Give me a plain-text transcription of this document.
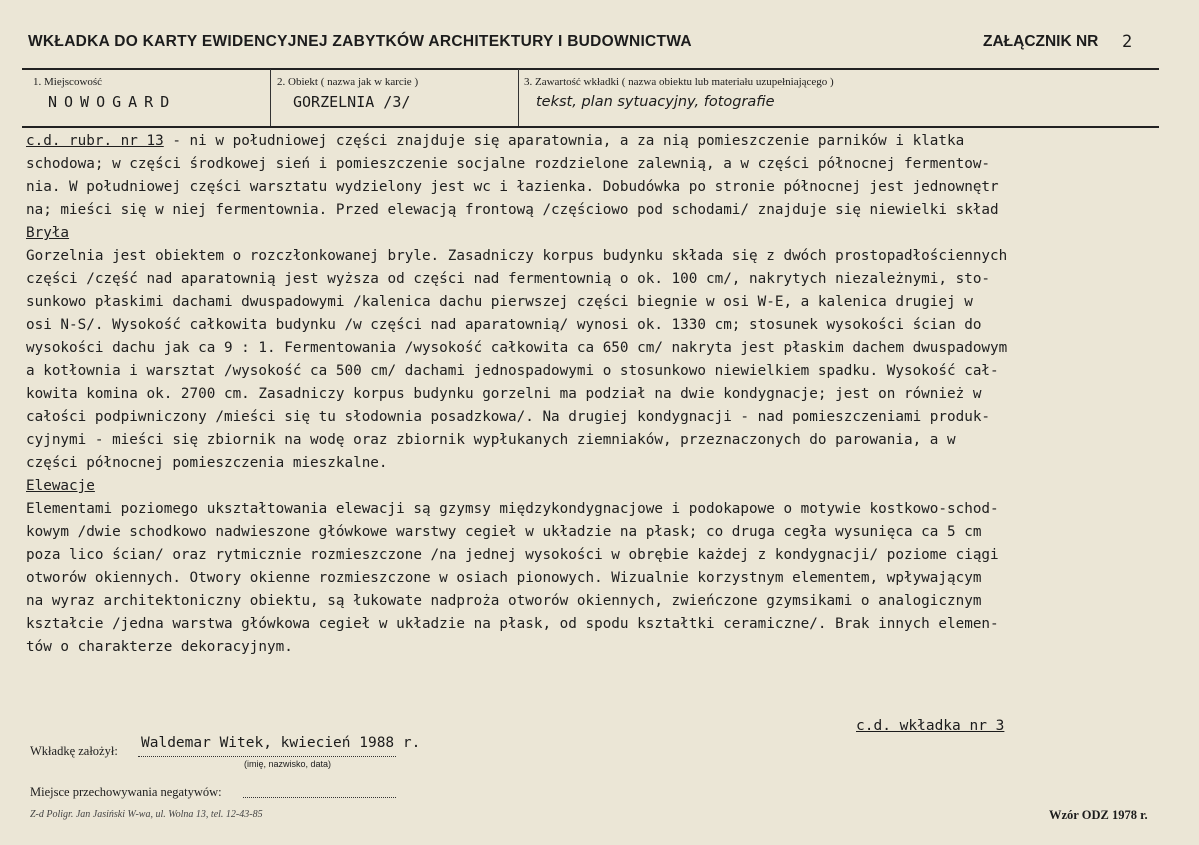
WKŁADKA DO KARTY EWIDENCYJNEJ ZABYTKÓW ARCHITEKTURY I BUDOWNICTWA	ZAŁĄCZNIK NR 2
1. Miejscowość
NOWOGARD
2. Obiekt ( nazwa jak w karcie )
GORZELNIA /3/
3. Zawartość wkładki ( nazwa obiektu lub materiału uzupełniającego )
tekst, plan sytuacyjny, fotografie
c.d. rubr. nr 13 - ni w południowej części znajduje się aparatownia, a za nią pomieszczenie parników i klatka
schodowa; w części środkowej sień i pomieszczenie socjalne rozdzielone zalewnią, a w części północnej fermentow-
nia. W południowej części warsztatu wydzielony jest wc i łazienka. Dobudówka po stronie północnej jest jednownętr
na; mieści się w niej fermentownia. Przed elewacją frontową /częściowo pod schodami/ znajduje się niewielki skład
Bryła
Gorzelnia jest obiektem o rozczłonkowanej bryle. Zasadniczy korpus budynku składa się z dwóch prostopadłościennych
części /część nad aparatownią jest wyższa od części nad fermentownią o ok. 100 cm/, nakrytych niezależnymi, sto-
sunkowo płaskimi dachami dwuspadowymi /kalenica dachu pierwszej części biegnie w osi W-E, a kalenica drugiej w
osi N-S/. Wysokość całkowita budynku /w części nad aparatownią/ wynosi ok. 1330 cm; stosunek wysokości ścian do
wysokości dachu jak ca 9 : 1. Fermentowania /wysokość całkowita ca 650 cm/ nakryta jest płaskim dachem dwuspadowym
a kotłownia i warsztat /wysokość ca 500 cm/ dachami jednospadowymi o stosunkowo niewielkiem spadku. Wysokość cał-
kowita komina ok. 2700 cm. Zasadniczy korpus budynku gorzelni ma podział na dwie kondygnacje; jest on również w
całości podpiwniczony /mieści się tu słodownia posadzkowa/. Na drugiej kondygnacji - nad pomieszczeniami produk-
cyjnymi - mieści się zbiornik na wodę oraz zbiornik wypłukanych ziemniaków, przeznaczonych do parowania, a w
części północnej pomieszczenia mieszkalne.
Elewacje
Elementami poziomego ukształtowania elewacji są gzymsy międzykondygnacjowe i podokapowe o motywie kostkowo-schod-
kowym /dwie schodkowo nadwieszone główkowe warstwy cegieł w układzie na płask; co druga cegła wysunięca ca 5 cm
poza lico ścian/ oraz rytmicznie rozmieszczone /na jednej wysokości w obrębie każdej z kondygnacji/ poziome ciągi
otworów okiennych. Otwory okienne rozmieszczone w osiach pionowych. Wizualnie korzystnym elementem, wpływającym
na wyraz architektoniczny obiektu, są łukowate nadproża otworów okiennych, zwieńczone gzymsikami o analogicznym
kształcie /jedna warstwa główkowa cegieł w układzie na płask, od spodu kształtki ceramiczne/. Brak innych elemen-
tów o charakterze dekoracyjnym.
c.d. wkładka nr 3
Wkładkę założył: Waldemar Witek, kwiecień 1988 r.
(imię, nazwisko, data)
Miejsce przechowywania negatywów:
Z-d Poligr. Jan Jasiński W-wa, ul. Wolna 13, tel. 12-43-85	Wzór ODZ 1978 r.
